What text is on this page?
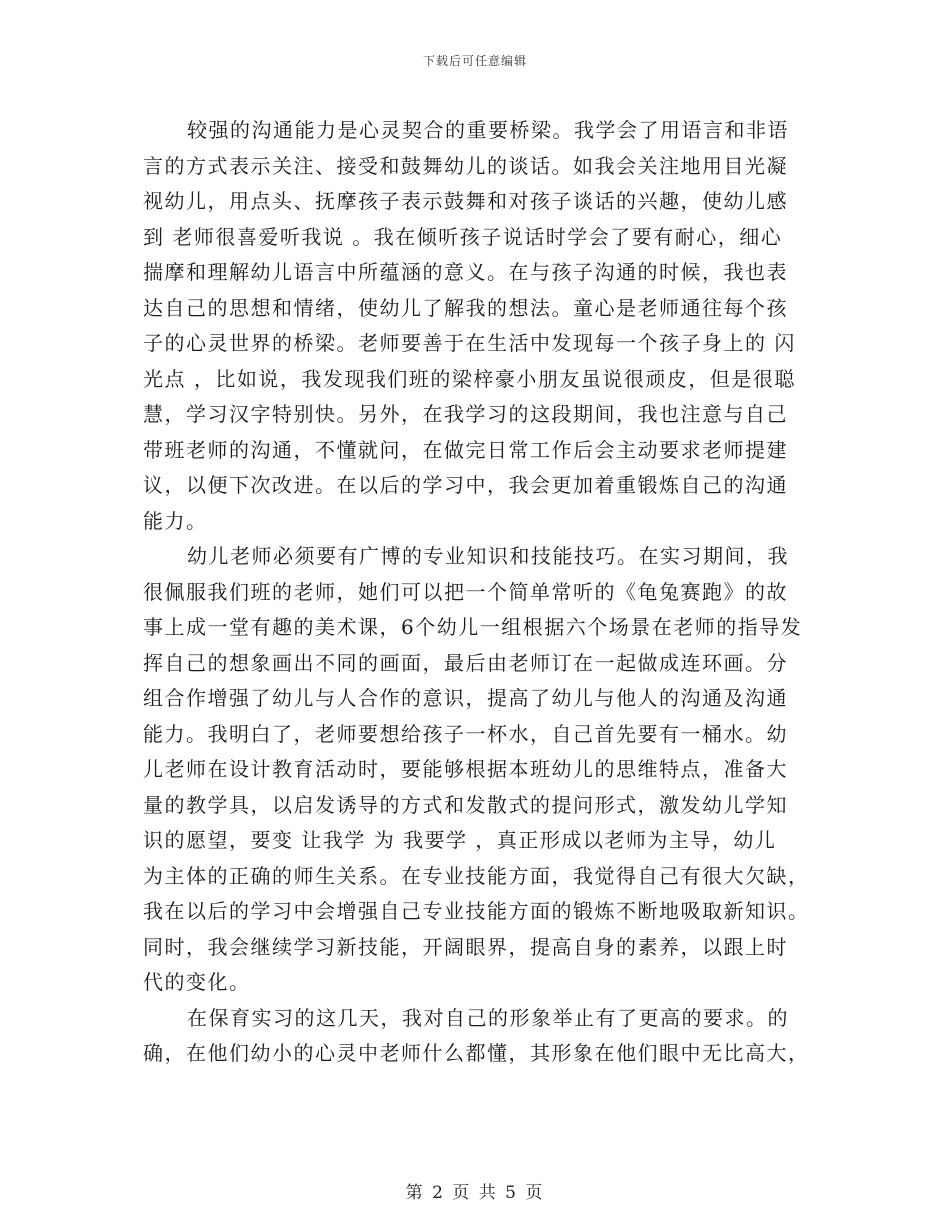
下载后可任意编辑
较强的沟通能力是心灵契合的重要桥梁。我学会了用语言和非语
言的方式表示关注、接受和鼓舞幼儿的谈话。如我会关注地用目光凝
视幼儿，用点头、抚摩孩子表示鼓舞和对孩子谈话的兴趣，使幼儿感
到 老师很喜爱听我说 。我在倾听孩子说话时学会了要有耐心，细心
揣摩和理解幼儿语言中所蕴涵的意义。在与孩子沟通的时候，我也表
达自己的思想和情绪，使幼儿了解我的想法。童心是老师通往每个孩
子的心灵世界的桥梁。老师要善于在生活中发现每一个孩子身上的 闪
光点 ，比如说，我发现我们班的梁梓豪小朋友虽说很顽皮，但是很聪
慧，学习汉字特别快。另外，在我学习的这段期间，我也注意与自己
带班老师的沟通，不懂就问，在做完日常工作后会主动要求老师提建
议，以便下次改进。在以后的学习中，我会更加着重锻炼自己的沟通
能力。
幼儿老师必须要有广博的专业知识和技能技巧。在实习期间，我
很佩服我们班的老师，她们可以把一个简单常听的《龟兔赛跑》的故
事上成一堂有趣的美术课，6个幼儿一组根据六个场景在老师的指导发
挥自己的想象画出不同的画面，最后由老师订在一起做成连环画。分
组合作增强了幼儿与人合作的意识，提高了幼儿与他人的沟通及沟通
能力。我明白了，老师要想给孩子一杯水，自己首先要有一桶水。幼
儿老师在设计教育活动时，要能够根据本班幼儿的思维特点，准备大
量的教学具，以启发诱导的方式和发散式的提问形式，激发幼儿学知
识的愿望，要变 让我学 为 我要学 ，真正形成以老师为主导，幼儿
为主体的正确的师生关系。在专业技能方面，我觉得自己有很大欠缺，
我在以后的学习中会增强自己专业技能方面的锻炼不断地吸取新知识。
同时，我会继续学习新技能，开阔眼界，提高自身的素养，以跟上时
代的变化。
在保育实习的这几天，我对自己的形象举止有了更高的要求。的
确，在他们幼小的心灵中老师什么都懂，其形象在他们眼中无比高大，
第 2 页 共 5 页
